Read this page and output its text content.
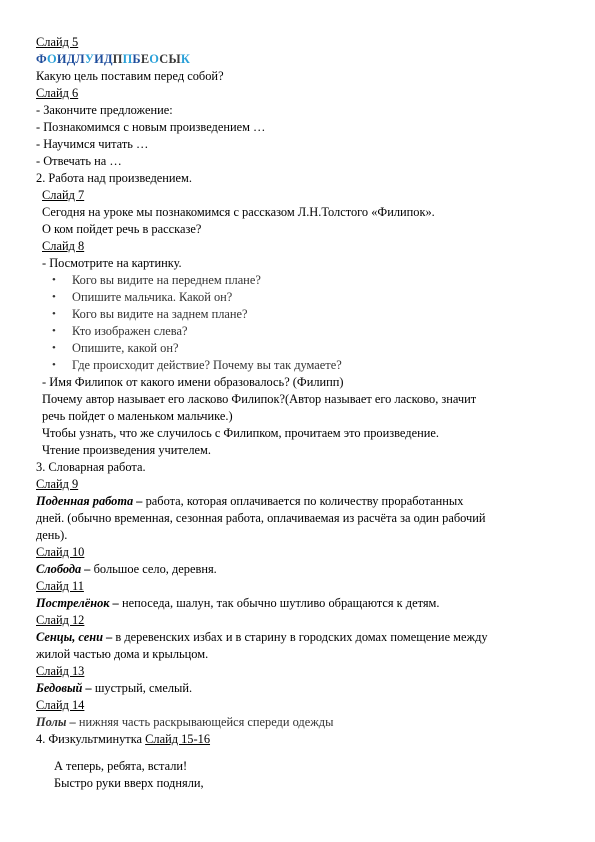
Слайд 5
ФОИДЛУИДППБЕОСЫК
Какую цель поставим перед собой?
Слайд 6
- Закончите предложение:
- Познакомимся с новым произведением …
- Научимся читать …
- Отвечать на …
2. Работа над произведением.
Слайд 7
Сегодня на уроке мы познакомимся с рассказом Л.Н.Толстого «Филипок».
О ком пойдет речь в рассказе?
Слайд 8
- Посмотрите на картинку.
• Кого вы видите на переднем плане?
• Опишите мальчика. Какой он?
• Кого вы видите на заднем плане?
• Кто изображен слева?
• Опишите, какой он?
• Где происходит действие? Почему вы так думаете?
- Имя Филипок от какого имени образовалось? (Филипп)
Почему автор называет его ласково Филипок?(Автор называет его ласково, значит
речь пойдет о маленьком мальчике.)
Чтобы узнать, что же случилось с Филипком, прочитаем это произведение.
Чтение произведения учителем.
3. Словарная работа.
Слайд 9
Поденная работа – работа, которая оплачивается по количеству проработанных
дней. (обычно временная, сезонная работа, оплачиваемая из расчёта за один рабочий
день).
Слайд 10
Слобода – большое село, деревня.
Слайд 11
Пострелёнок – непоседа, шалун, так обычно шутливо обращаются к детям.
Слайд 12
Сенцы, сени – в деревенских избах и в старину в городских домах помещение между
жилой частью дома и крыльцом.
Слайд 13
Бедовый – шустрый, смелый.
Слайд 14
Полы – нижняя часть раскрывающейся спереди одежды
4. Физкультминутка Слайд 15-16
А теперь, ребята, встали!
Быстро руки вверх подняли,
